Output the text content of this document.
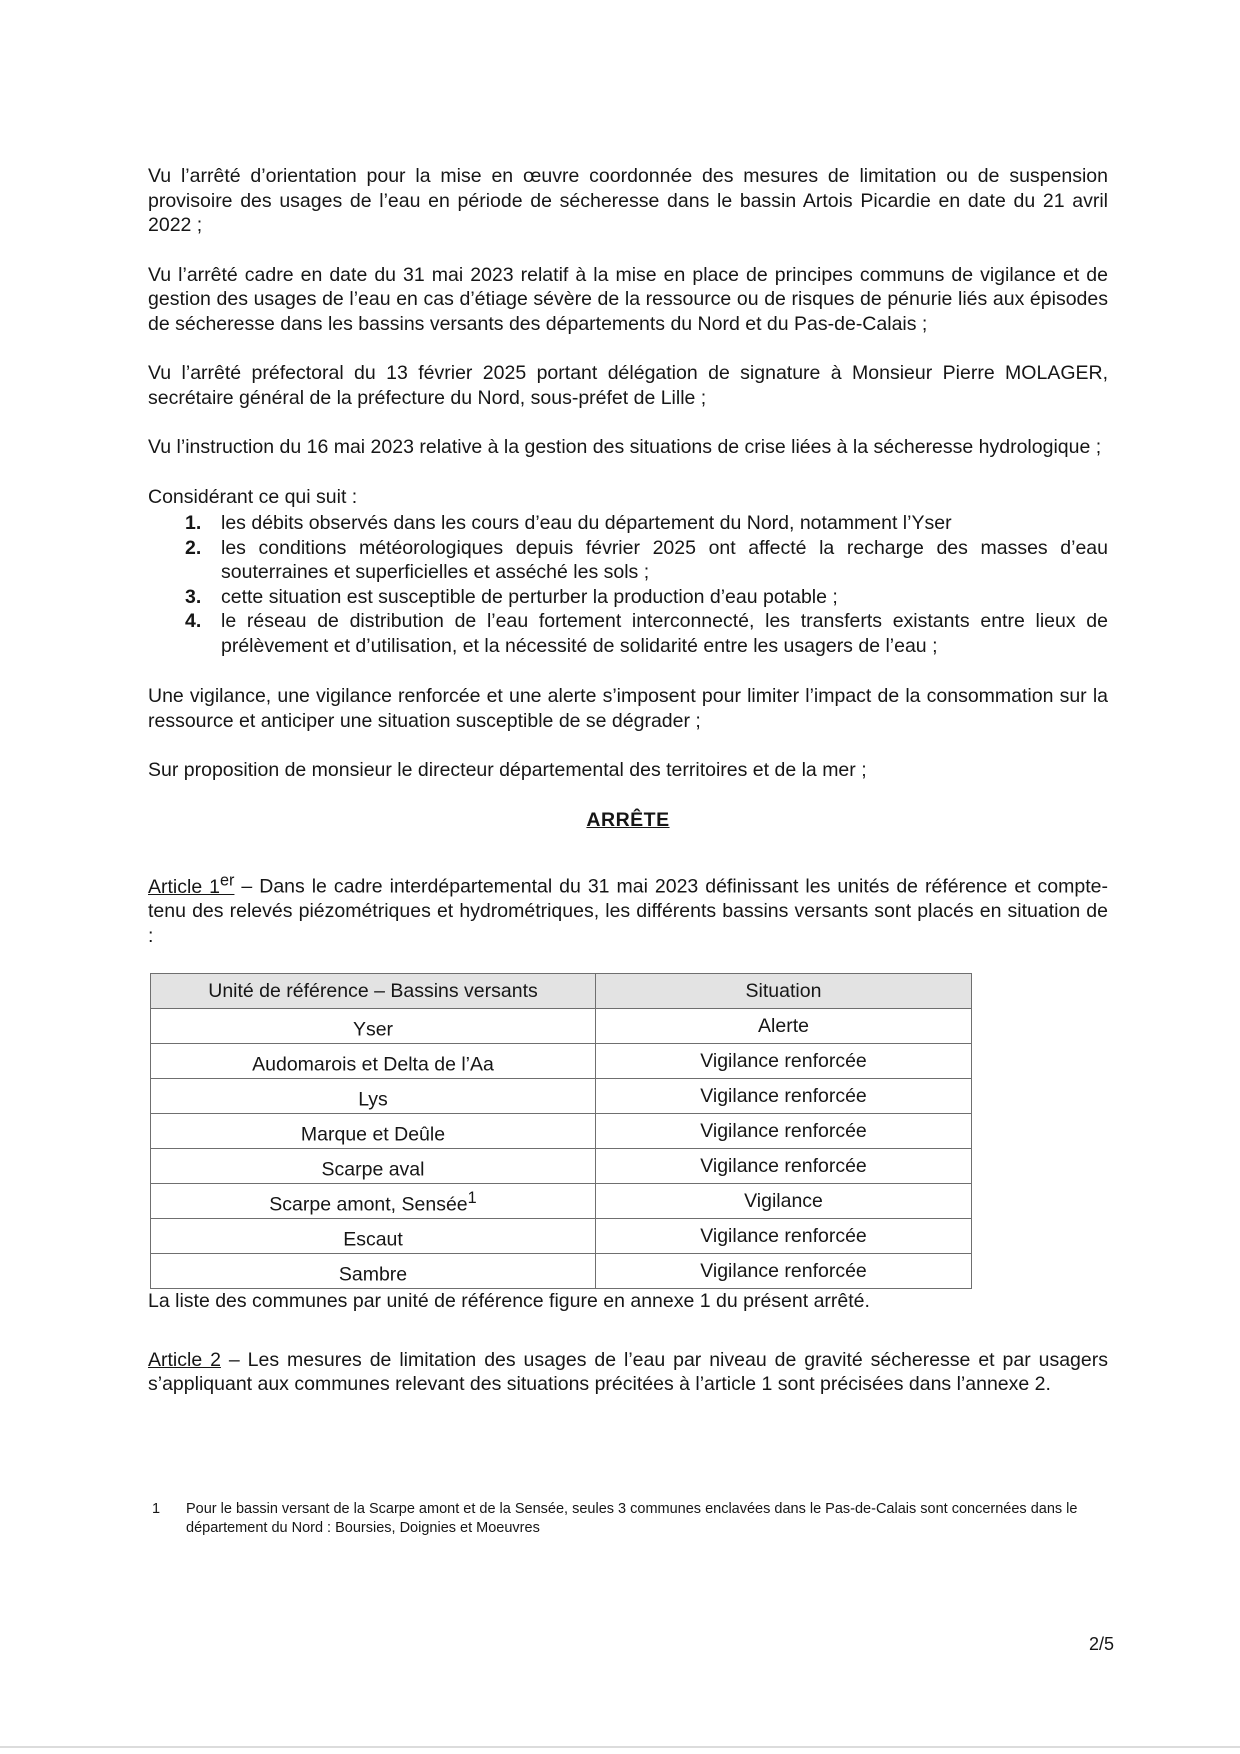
Vu l’arrêté d’orientation pour la mise en œuvre coordonnée des mesures de limitation ou de suspension provisoire des usages de l’eau en période de sécheresse dans le bassin Artois Picardie en date du 21 avril 2022 ;

Vu l’arrêté cadre en date du 31 mai 2023 relatif à la mise en place de principes communs de vigilance et de gestion des usages de l’eau en cas d’étiage sévère de la ressource ou de risques de pénurie liés aux épisodes de sécheresse dans les bassins versants des départements du Nord et du Pas-de-Calais ;

Vu l’arrêté préfectoral du 13 février 2025 portant délégation de signature à Monsieur Pierre MOLAGER, secrétaire général de la préfecture du Nord, sous-préfet de Lille ;

Vu l’instruction du 16 mai 2023 relative à la gestion des situations de crise liées à la sécheresse hydrologique ;

Considérant ce qui suit :

1. les débits observés dans les cours d’eau du département du Nord, notamment l’Yser
2. les conditions météorologiques depuis février 2025 ont affecté la recharge des masses d’eau souterraines et superficielles et asséché les sols ;
3. cette situation est susceptible de perturber la production d’eau potable ;
4. le réseau de distribution de l’eau fortement interconnecté, les transferts existants entre lieux de prélèvement et d’utilisation, et la nécessité de solidarité entre les usagers de l’eau ;

Une vigilance, une vigilance renforcée et une alerte s’imposent pour limiter l’impact de la consommation sur la ressource et anticiper une situation susceptible de se dégrader ;

Sur proposition de monsieur le directeur départemental des territoires et de la mer ;

ARRÊTE

Article 1er – Dans le cadre interdépartemental du 31 mai 2023 définissant les unités de référence et compte-tenu des relevés piézométriques et hydrométriques, les différents bassins versants sont placés en situation de :

Unité de référence – Bassins versants	Situation
Yser	Alerte
Audomarois et Delta de l’Aa	Vigilance renforcée
Lys	Vigilance renforcée
Marque et Deûle	Vigilance renforcée
Scarpe aval	Vigilance renforcée
Scarpe amont, Sensée$^1$	Vigilance
Escaut	Vigilance renforcée
Sambre	Vigilance renforcée

La liste des communes par unité de référence figure en annexe 1 du présent arrêté.

Article 2 – Les mesures de limitation des usages de l’eau par niveau de gravité sécheresse et par usagers s’appliquant aux communes relevant des situations précitées à l’article 1 sont précisées dans l’annexe 2.

1	Pour le bassin versant de la Scarpe amont et de la Sensée, seules 3 communes enclavées dans le Pas-de-Calais sont concernées dans le département du Nord : Boursies, Doignies et Moeuvres
2/5
